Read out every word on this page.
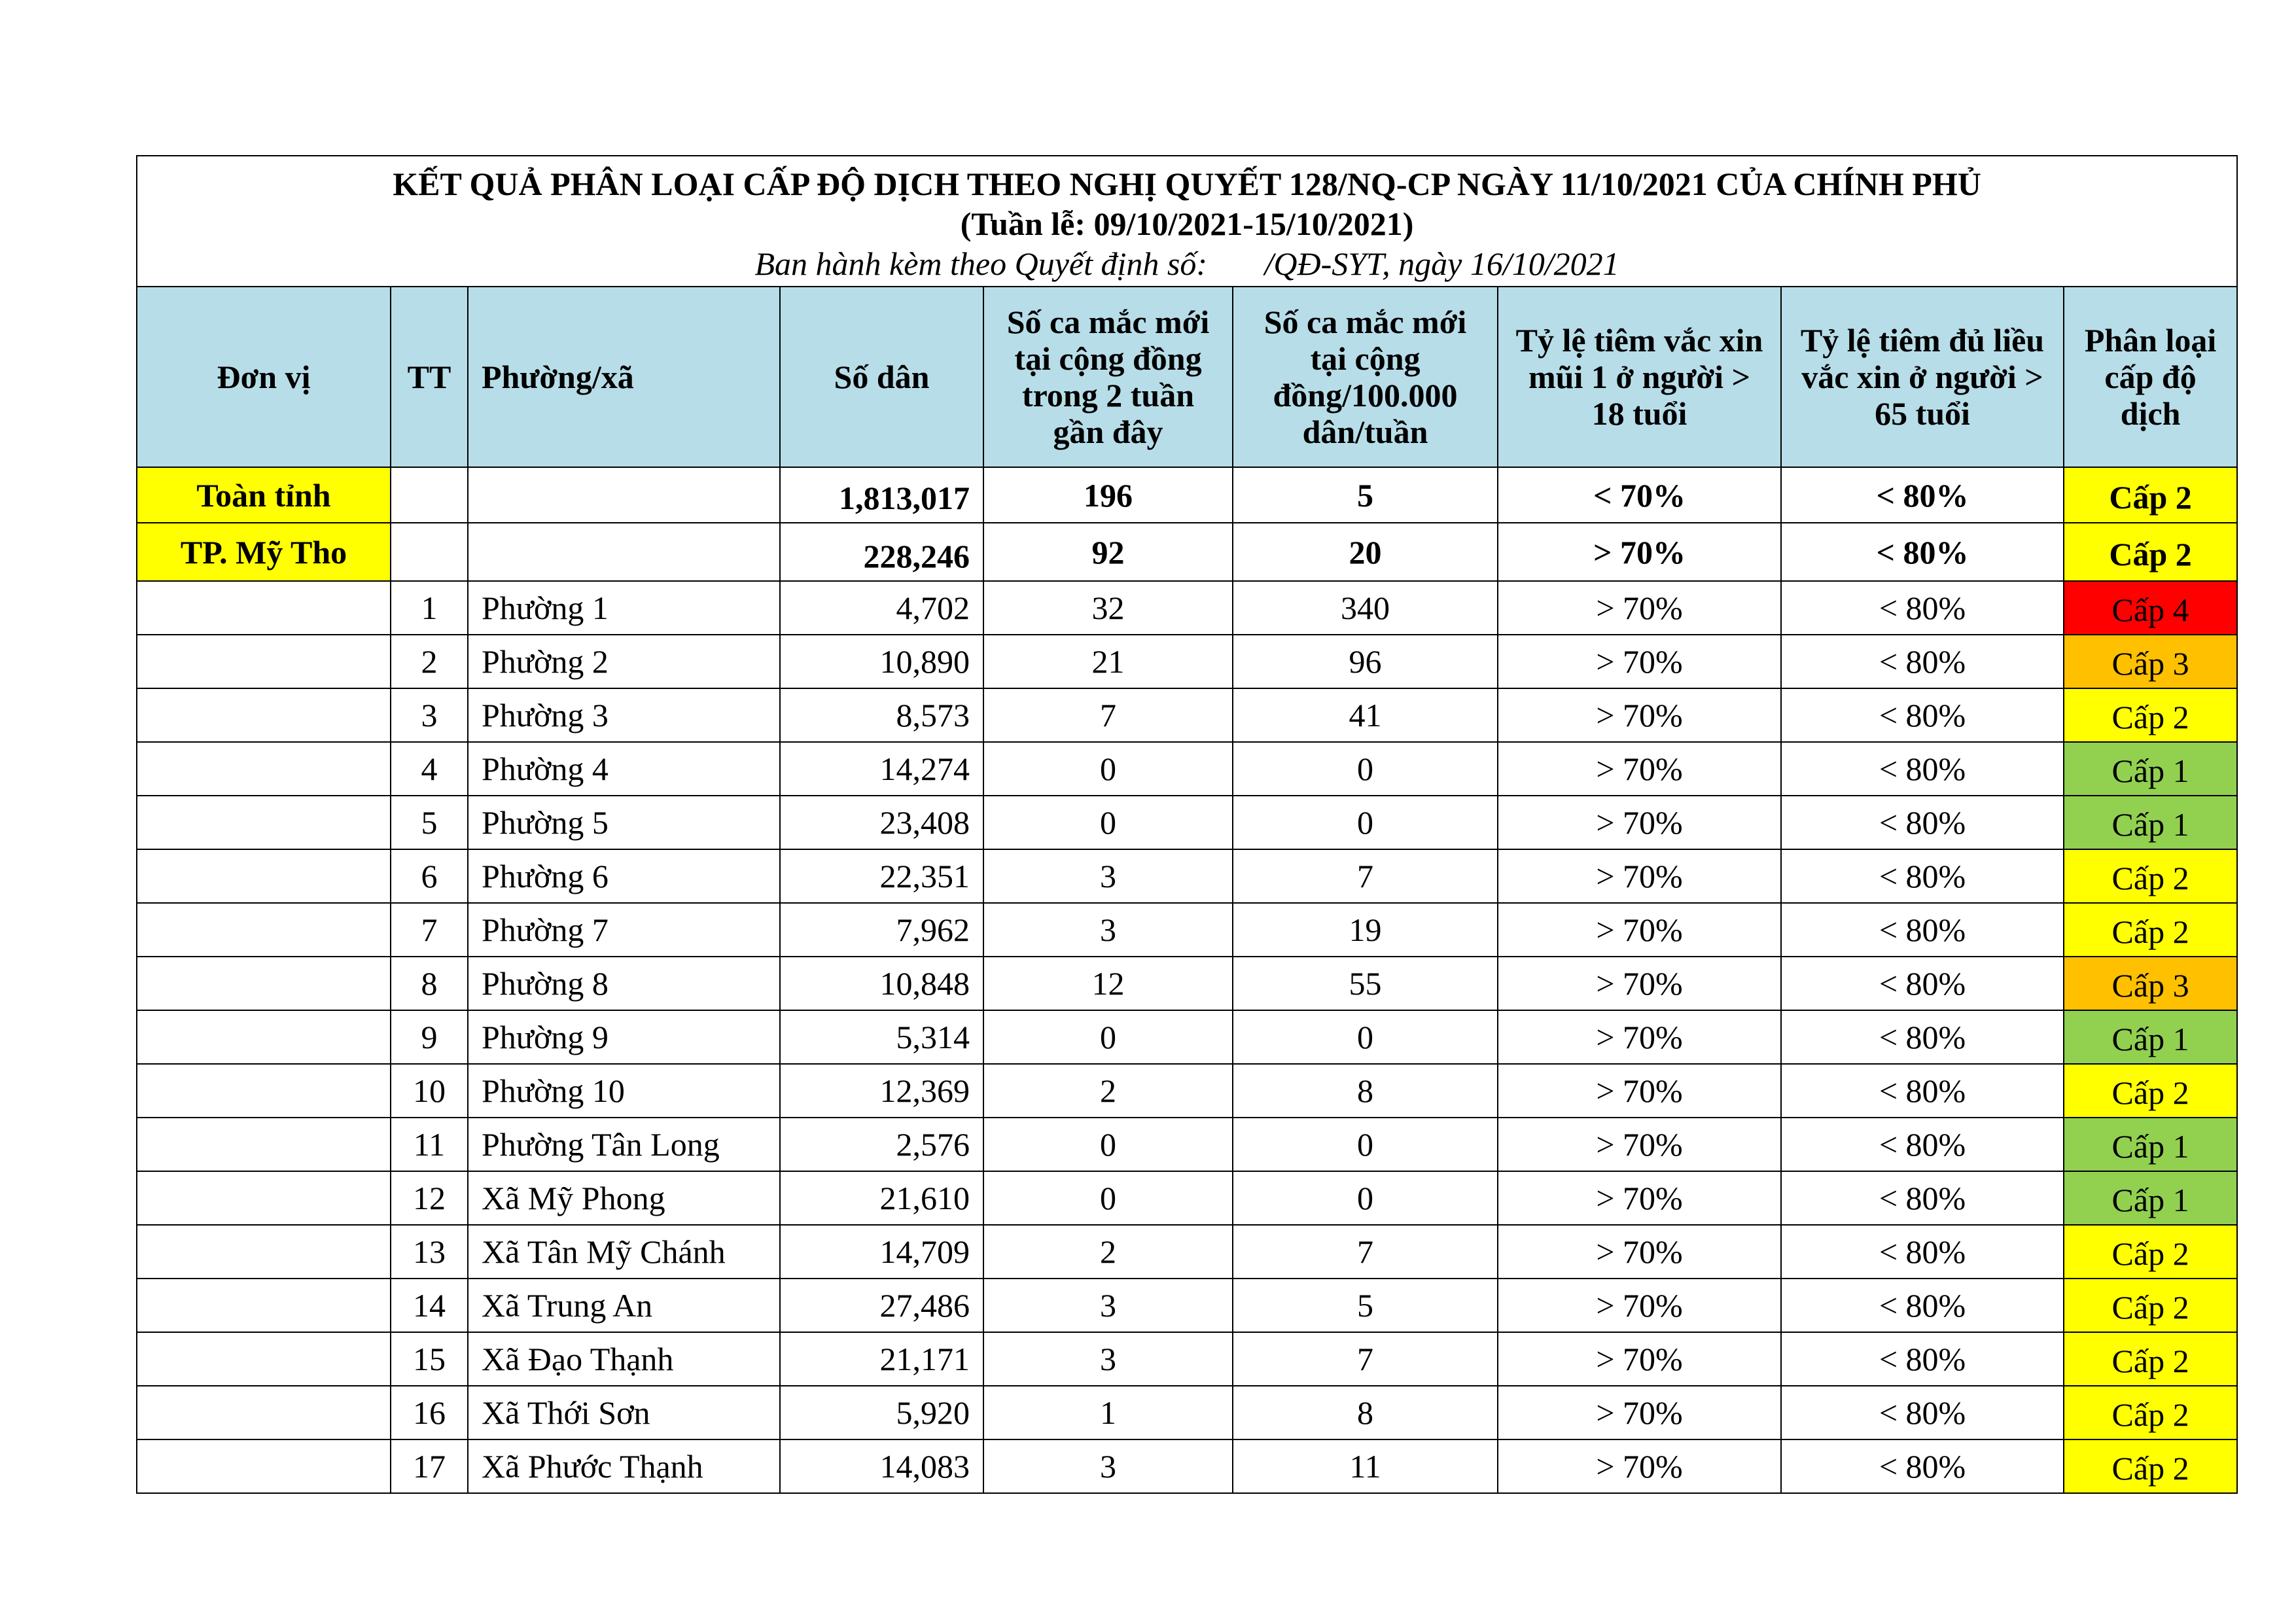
KẾT QUẢ PHÂN LOẠI CẤP ĐỘ DỊCH THEO NGHỊ QUYẾT 128/NQ-CP NGÀY 11/10/2021 CỦA CHÍNH PHỦ
(Tuần lễ: 09/10/2021-15/10/2021)
Ban hành kèm theo Quyết định số:       /QĐ-SYT, ngày 16/10/2021								

Đơn vị	TT	Phường/xã	Số dân	Số ca mắc mới tại cộng đồng trong 2 tuần gần đây	Số ca mắc mới tại cộng đồng/100.000 dân/tuần	Tỷ lệ tiêm vắc xin mũi 1 ở người > 18 tuổi	Tỷ lệ tiêm đủ liều vắc xin ở người > 65 tuổi	Phân loại cấp độ dịch
Toàn tỉnh			1,813,017	196	5	< 70%	< 80%	Cấp 2
TP. Mỹ Tho			228,246	92	20	> 70%	< 80%	Cấp 2
	1	Phường 1	4,702	32	340	> 70%	< 80%	Cấp 4
	2	Phường 2	10,890	21	96	> 70%	< 80%	Cấp 3
	3	Phường 3	8,573	7	41	> 70%	< 80%	Cấp 2
	4	Phường 4	14,274	0	0	> 70%	< 80%	Cấp 1
	5	Phường 5	23,408	0	0	> 70%	< 80%	Cấp 1
	6	Phường 6	22,351	3	7	> 70%	< 80%	Cấp 2
	7	Phường 7	7,962	3	19	> 70%	< 80%	Cấp 2
	8	Phường 8	10,848	12	55	> 70%	< 80%	Cấp 3
	9	Phường 9	5,314	0	0	> 70%	< 80%	Cấp 1
	10	Phường 10	12,369	2	8	> 70%	< 80%	Cấp 2
	11	Phường Tân Long	2,576	0	0	> 70%	< 80%	Cấp 1
	12	Xã Mỹ Phong	21,610	0	0	> 70%	< 80%	Cấp 1
	13	Xã Tân Mỹ Chánh	14,709	2	7	> 70%	< 80%	Cấp 2
	14	Xã Trung An	27,486	3	5	> 70%	< 80%	Cấp 2
	15	Xã Đạo Thạnh	21,171	3	7	> 70%	< 80%	Cấp 2
	16	Xã Thới Sơn	5,920	1	8	> 70%	< 80%	Cấp 2
	17	Xã Phước Thạnh	14,083	3	11	> 70%	< 80%	Cấp 2
